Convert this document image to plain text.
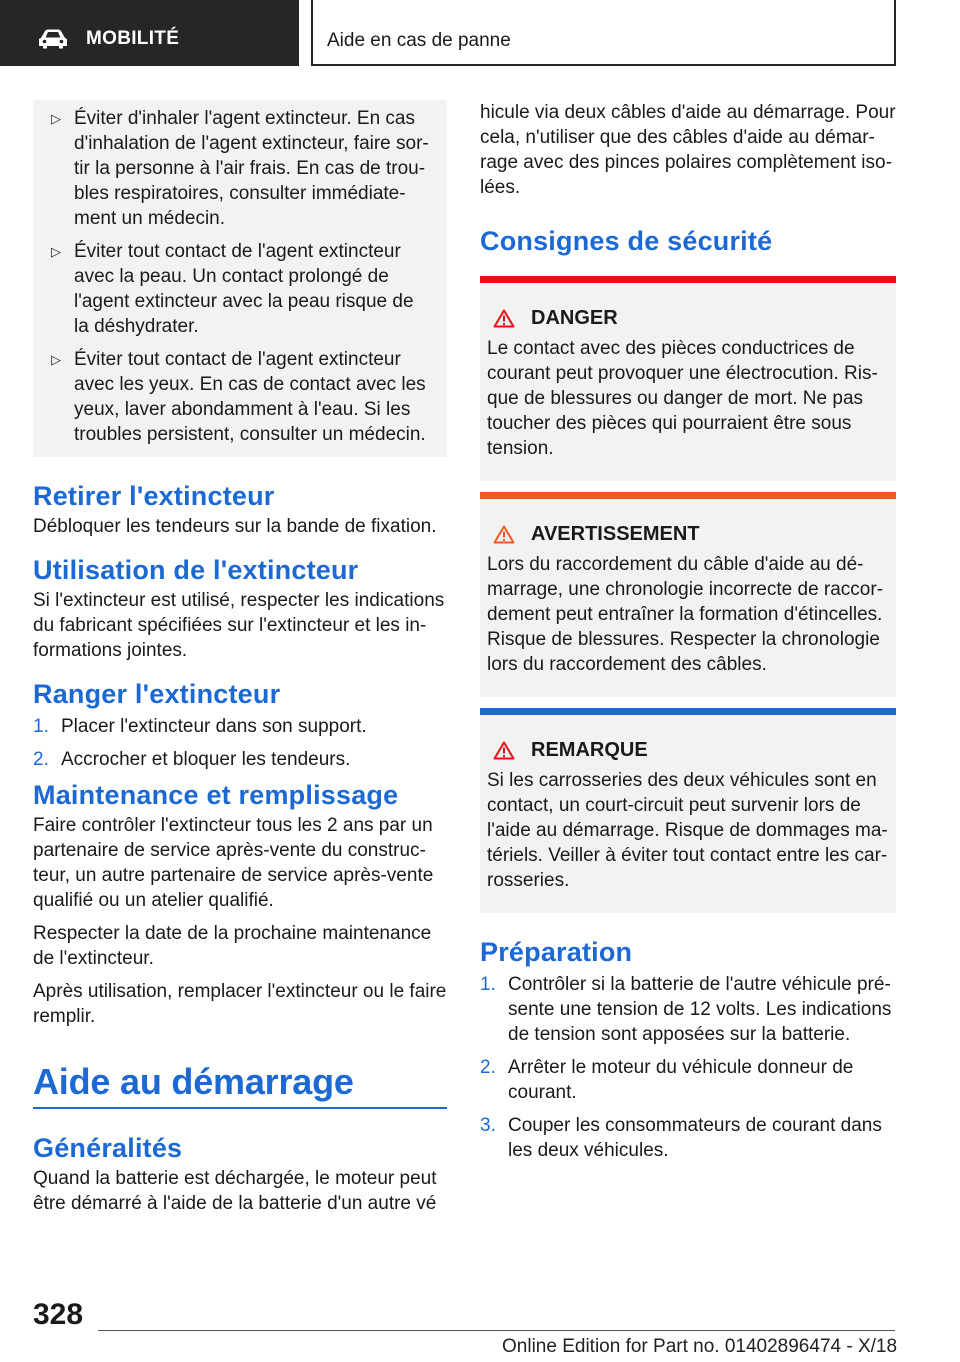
MOBILITÉ	Aide en cas de panne
▷ Éviter d'inhaler l'agent extincteur. En cas d'inhalation de l'agent extincteur, faire sortir la personne à l'air frais. En cas de troubles respiratoires, consulter immédiatement un médecin.
▷ Éviter tout contact de l'agent extincteur avec la peau. Un contact prolongé de l'agent extincteur avec la peau risque de la déshydrater.
▷ Éviter tout contact de l'agent extincteur avec les yeux. En cas de contact avec les yeux, laver abondamment à l'eau. Si les troubles persistent, consulter un médecin.
Retirer l'extincteur
Débloquer les tendeurs sur la bande de fixation.
Utilisation de l'extincteur
Si l'extincteur est utilisé, respecter les indications du fabricant spécifiées sur l'extincteur et les informations jointes.
Ranger l'extincteur
1. Placer l'extincteur dans son support.
2. Accrocher et bloquer les tendeurs.
Maintenance et remplissage
Faire contrôler l'extincteur tous les 2 ans par un partenaire de service après-vente du constructeur, un autre partenaire de service après-vente qualifié ou un atelier qualifié.
Respecter la date de la prochaine maintenance de l'extincteur.
Après utilisation, remplacer l'extincteur ou le faire remplir.
Aide au démarrage
Généralités
Quand la batterie est déchargée, le moteur peut être démarré à l'aide de la batterie d'un autre vé
hicule via deux câbles d'aide au démarrage. Pour cela, n'utiliser que des câbles d'aide au démarrage avec des pinces polaires complètement isolées.
Consignes de sécurité
DANGER
Le contact avec des pièces conductrices de courant peut provoquer une électrocution. Risque de blessures ou danger de mort. Ne pas toucher des pièces qui pourraient être sous tension.
AVERTISSEMENT
Lors du raccordement du câble d'aide au démarrage, une chronologie incorrecte de raccordement peut entraîner la formation d'étincelles. Risque de blessures. Respecter la chronologie lors du raccordement des câbles.
REMARQUE
Si les carrosseries des deux véhicules sont en contact, un court-circuit peut survenir lors de l'aide au démarrage. Risque de dommages matériels. Veiller à éviter tout contact entre les carrosseries.
Préparation
1. Contrôler si la batterie de l'autre véhicule présente une tension de 12 volts. Les indications de tension sont apposées sur la batterie.
2. Arrêter le moteur du véhicule donneur de courant.
3. Couper les consommateurs de courant dans les deux véhicules.
328
Online Edition for Part no. 01402896474 - X/18
